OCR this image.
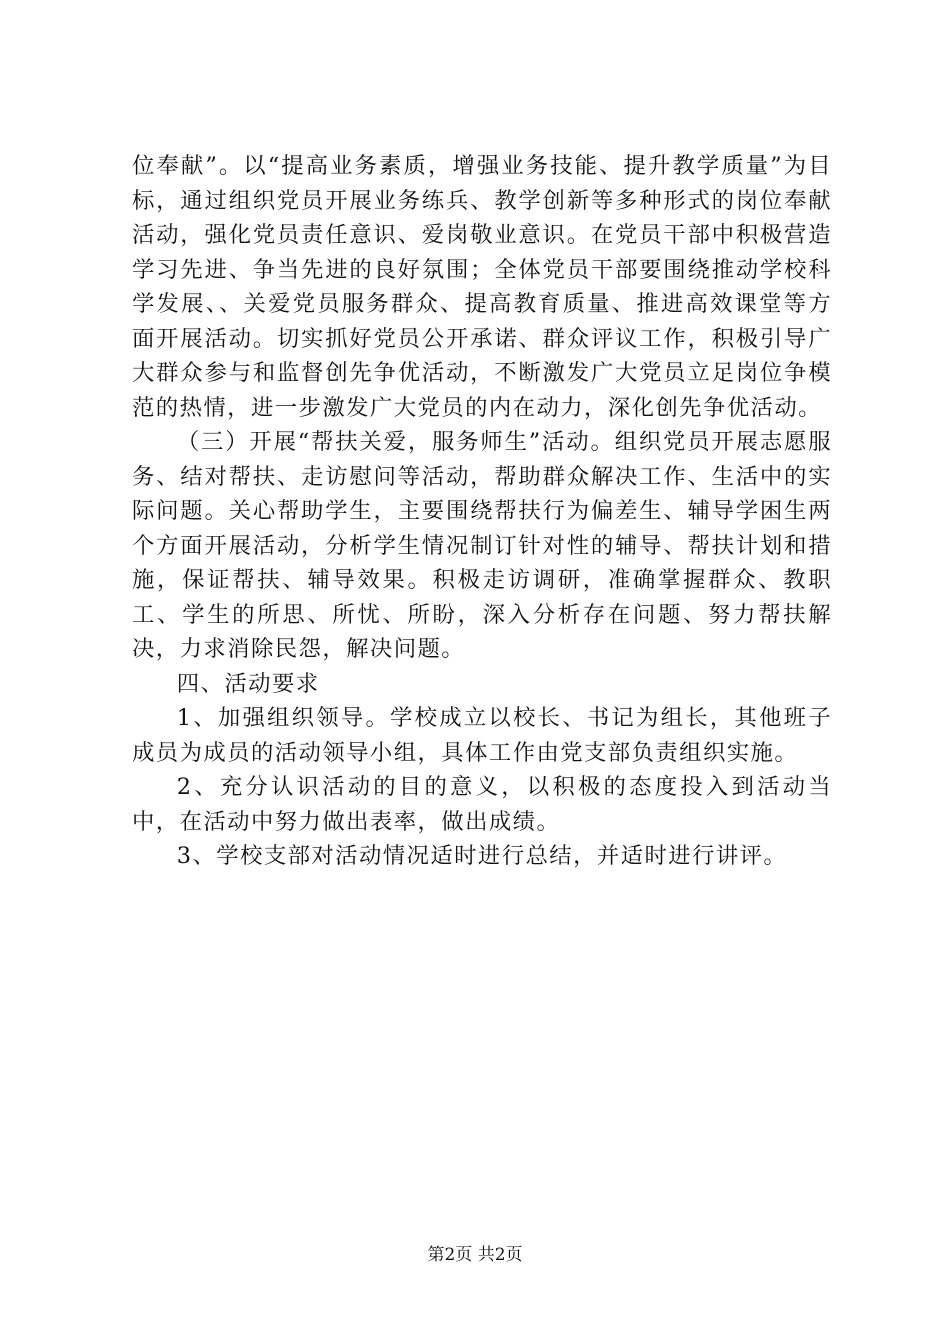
位奉献”。以“提高业务素质，增强业务技能、提升教学质量”为目标，通过组织党员开展业务练兵、教学创新等多种形式的岗位奉献活动，强化党员责任意识、爱岗敬业意识。在党员干部中积极营造学习先进、争当先进的良好氛围；全体党员干部要围绕推动学校科学发展、、关爱党员服务群众、提高教育质量、推进高效课堂等方面开展活动。切实抓好党员公开承诺、群众评议工作，积极引导广大群众参与和监督创先争优活动，不断激发广大党员立足岗位争模范的热情，进一步激发广大党员的内在动力，深化创先争优活动。

（三）开展“帮扶关爱，服务师生”活动。组织党员开展志愿服务、结对帮扶、走访慰问等活动，帮助群众解决工作、生活中的实际问题。关心帮助学生，主要围绕帮扶行为偏差生、辅导学困生两个方面开展活动，分析学生情况制订针对性的辅导、帮扶计划和措施，保证帮扶、辅导效果。积极走访调研，准确掌握群众、教职工、学生的所思、所忧、所盼，深入分析存在问题、努力帮扶解决，力求消除民怨，解决问题。

四、活动要求

1、加强组织领导。学校成立以校长、书记为组长，其他班子成员为成员的活动领导小组，具体工作由党支部负责组织实施。

2、充分认识活动的目的意义，以积极的态度投入到活动当中，在活动中努力做出表率，做出成绩。

3、学校支部对活动情况适时进行总结，并适时进行讲评。

第2页 共2页
